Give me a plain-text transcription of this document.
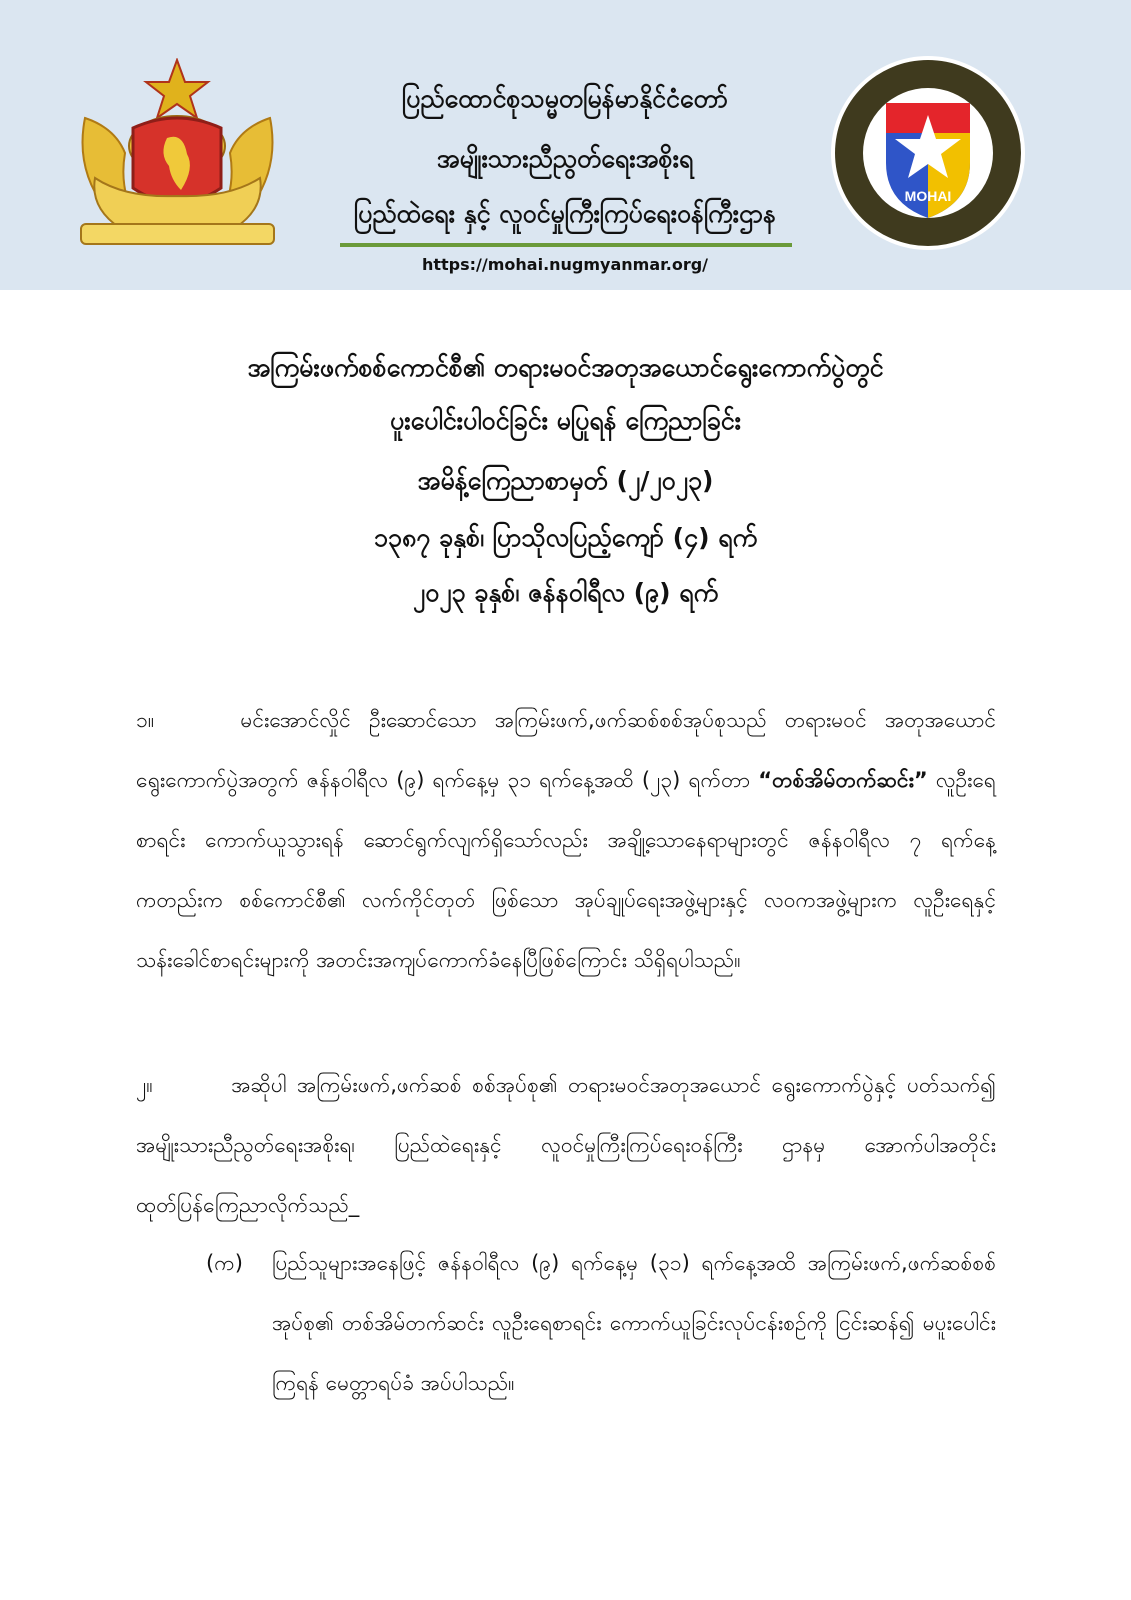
ပြည်ထောင်စုသမ္မတမြန်မာနိုင်ငံတော်
အမျိုးသားညီညွတ်ရေးအစိုးရ
ပြည်ထဲရေး နှင့် လူဝင်မှုကြီးကြပ်ရေးဝန်ကြီးဌာန
https://mohai.nugmyanmar.org/
MOHAI
အကြမ်းဖက်စစ်ကောင်စီ၏ တရားမဝင်အတုအယောင်ရွေးကောက်ပွဲတွင်
ပူးပေါင်းပါဝင်ခြင်း မပြုရန် ကြေညာခြင်း
အမိန့်ကြေညာစာမှတ် (၂/၂၀၂၃)
၁၃၈၇ ခုနှစ်၊ ပြာသိုလပြည့်ကျော် (၄) ရက်
၂၀၂၃ ခုနှစ်၊ ဇန်နဝါရီလ (၉) ရက်
၁။	မင်းအောင်လှိုင် ဦးဆောင်သော အကြမ်းဖက်,ဖက်ဆစ်စစ်အုပ်စုသည် တရားမဝင် အတုအယောင် ရွေးကောက်ပွဲအတွက် ဇန်နဝါရီလ (၉) ရက်နေ့မှ ၃၁ ရက်နေ့အထိ (၂၃) ရက်တာ “တစ်အိမ်တက်ဆင်း” လူဦးရေစာရင်း ကောက်ယူသွားရန် ဆောင်ရွက်လျက်ရှိသော်လည်း အချို့သောနေရာများတွင် ဇန်နဝါရီလ ၇ ရက်နေ့ ကတည်းက စစ်ကောင်စီ၏ လက်ကိုင်တုတ် ဖြစ်သော အုပ်ချုပ်ရေးအဖွဲ့များနှင့် လဝကအဖွဲ့များက လူဦးရေနှင့် သန်းခေါင်စာရင်းများကို အတင်းအကျပ်ကောက်ခံနေပြီဖြစ်ကြောင်း သိရှိရပါသည်။
၂။	အဆိုပါ အကြမ်းဖက်,ဖက်ဆစ် စစ်အုပ်စု၏ တရားမဝင်အတုအယောင် ရွေးကောက်ပွဲနှင့် ပတ်သက်၍ အမျိုးသားညီညွတ်ရေးအစိုးရ၊ ပြည်ထဲရေးနှင့် လူဝင်မှုကြီးကြပ်ရေးဝန်ကြီး ဌာနမှ အောက်ပါအတိုင်း ထုတ်ပြန်ကြေညာလိုက်သည်_
(က) ပြည်သူများအနေဖြင့် ဇန်နဝါရီလ (၉) ရက်နေ့မှ (၃၁) ရက်နေ့အထိ အကြမ်းဖက်,ဖက်ဆစ်စစ်အုပ်စု၏ တစ်အိမ်တက်ဆင်း လူဦးရေစာရင်း ကောက်ယူခြင်းလုပ်ငန်းစဉ်ကို ငြင်းဆန်၍ မပူးပေါင်းကြရန် မေတ္တာရပ်ခံ အပ်ပါသည်။
